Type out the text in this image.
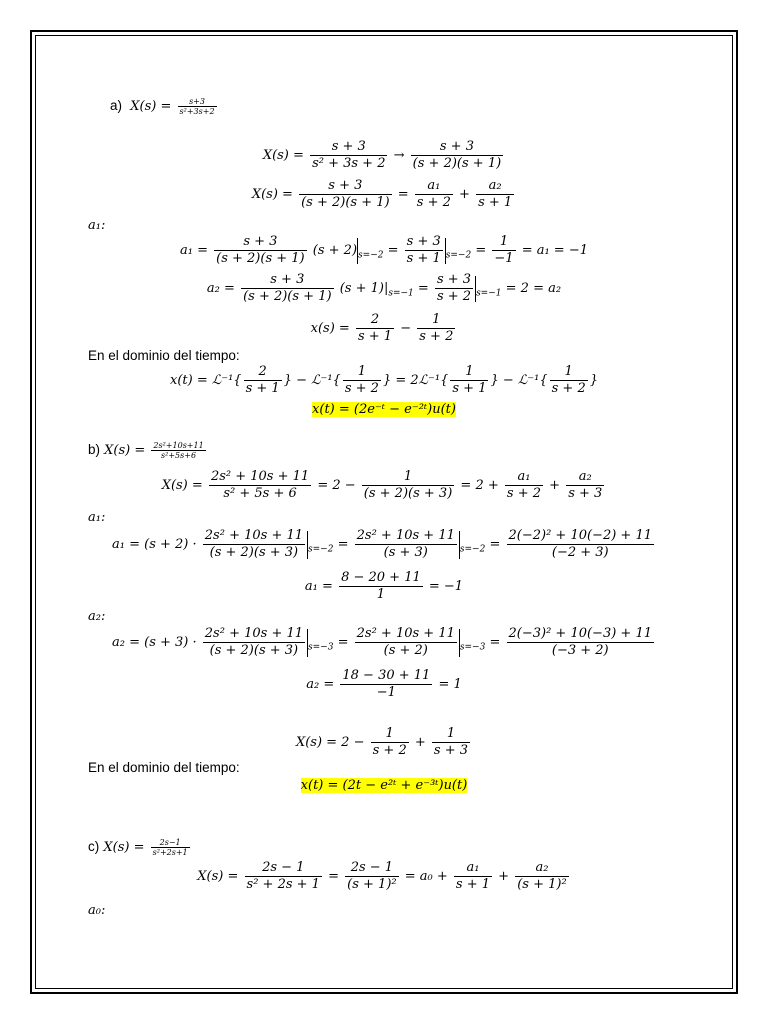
a) $X(s) = \frac{s+3}{\text{s²+3s+2}}$
$X(s) = \frac{s + 3}{\text{s² + 3s + 2}} \to \frac{s + 3}{(s + 2)(s + 1)}$
$X(s) = \frac{s + 3}{(s + 2)(s + 1)} = \frac{\text{a₁}}{s + 2} + \frac{\text{a₂}}{s + 1}$
a₁:
$a_1 = \frac{s + 3}{(s + 2)(s + 1)} (s + 2)_{s=-2} = \frac{s + 3}{s + 1} _{s=-2} = \frac{1}{-1} = a_1 = -1$
$a_2 = \frac{s + 3}{(s + 2)(s + 1)} (s + 1)|_{s=-1} = \frac{s + 3}{s + 2} _{s=-1} = 2 = a_2$
$x(s) = \frac{2}{s + 1} - \frac{1}{s + 2}$
En el dominio del tiempo:
x(t) = ℒ⁻¹{ $\frac{2}{s + 1}$ } − ℒ⁻¹{ $\frac{1}{s + 2}$ } = 2ℒ⁻¹{ $\frac{1}{s + 1}$ } − ℒ⁻¹{ $\frac{1}{s + 2}$ }
x(t) = (2e⁻ᵗ − e⁻²ᵗ)u(t)
b) $X(s) = \frac{\text{2s²+10s+11}}{\text{s²+5s+6}}$
$X(s) = \frac{\text{2s² + 10s + 11}}{\text{s² + 5s + 6}} = 2 - \frac{1}{(s + 2)(s + 3)} = 2 + \frac{\text{a₁}}{s + 2} + \frac{\text{a₂}}{s + 3}$
a₁:
$a_1 = (s + 2) \cdot \frac{\text{2s² + 10s + 11}}{(s + 2)(s + 3)} _{s=-2} = \frac{\text{2s² + 10s + 11}}{(s + 3)} _{s=-2} = \frac{\text{2(−2)² + 10(−2) + 11}}{(-2 + 3)}$
$a_1 = \frac{8 - 20 + 11}{1} = -1$
a₂:
$a_2 = (s + 3) \cdot \frac{\text{2s² + 10s + 11}}{(s + 2)(s + 3)} _{s=-3} = \frac{\text{2s² + 10s + 11}}{(s + 2)} _{s=-3} = \frac{\text{2(−3)² + 10(−3) + 11}}{(-3 + 2)}$
$a_2 = \frac{18 - 30 + 11}{-1} = 1$
$X(s) = 2 - \frac{1}{s + 2} + \frac{1}{s + 3}$
En el dominio del tiempo:
x(t) = (2t − e²ᵗ + e⁻³ᵗ)u(t)
c) $X(s) = \frac{2s-1}{\text{s²+2s+1}}$
$X(s) = \frac{2s - 1}{\text{s² + 2s + 1}} = \frac{2s - 1}{\text{(s + 1)²}} = a_0 + \frac{\text{a₁}}{s + 1} + \frac{\text{a₂}}{\text{(s + 1)²}}$
a₀:
